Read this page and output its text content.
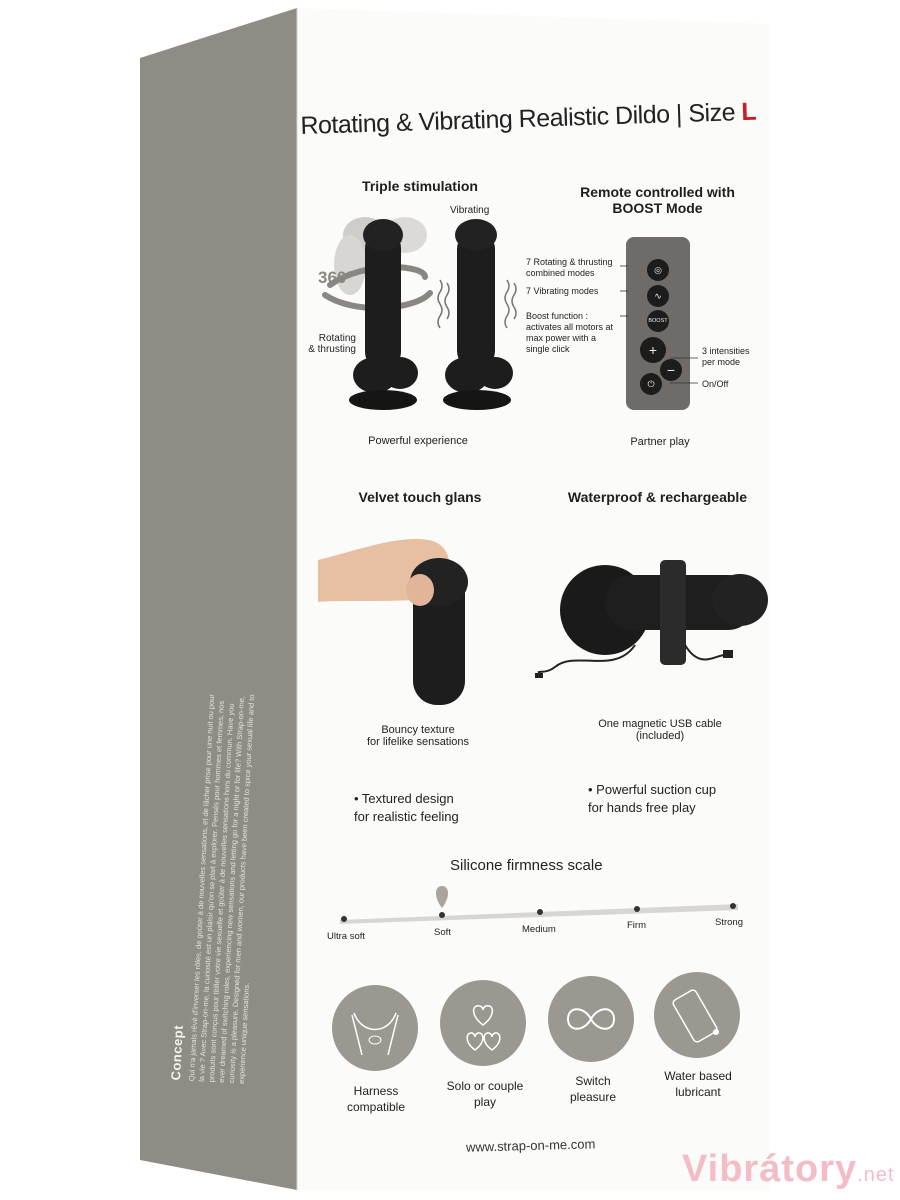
Concept Qui n'a jamais rêvé d'inverser les rôles, de goûter à de nouvelles sensations, et de lâcher prise pour une nuit ou pour la vie ? Avec Strap-on-me, la curiosité est un plaisir qu'on se plait à explorer. Pensés pour hommes et femmes, nos produits sont conçus pour titiller votre vie sexuelle et goûter à de nouvelles sensations hors du commun. Have you ever dreamed of switching roles, experiencing new sensations and letting go for a night or for life? With Strap-on-me, curiosity is a pleasure. Designed for men and women, our products have been created to spice your sexual life and to experience unique sensations.
Rotating & Vibrating Realistic Dildo | Size L
Triple stimulation
360°
Vibrating
Rotating
& thrusting
Powerful experience
Remote controlled with
BOOST Mode
◎
∿
BOOST
+
−
⏻
7 Rotating & thrusting
combined modes
7 Vibrating modes
Boost function :
activates all motors at
max power with a
single click	3 intensities
per mode
On/Off
Partner play
Velvet touch glans
Bouncy texture
for lifelike sensations
Waterproof & rechargeable
One magnetic USB cable
(included)
• Textured design
for realistic feeling
• Powerful suction cup
for hands free play
Silicone firmness scale
Ultra soft	Soft	Medium	Firm	Strong
Harness
compatible
Solo or couple
play
Switch
pleasure
Water based
lubricant
www.strap-on-me.com
Vibrátory.net
